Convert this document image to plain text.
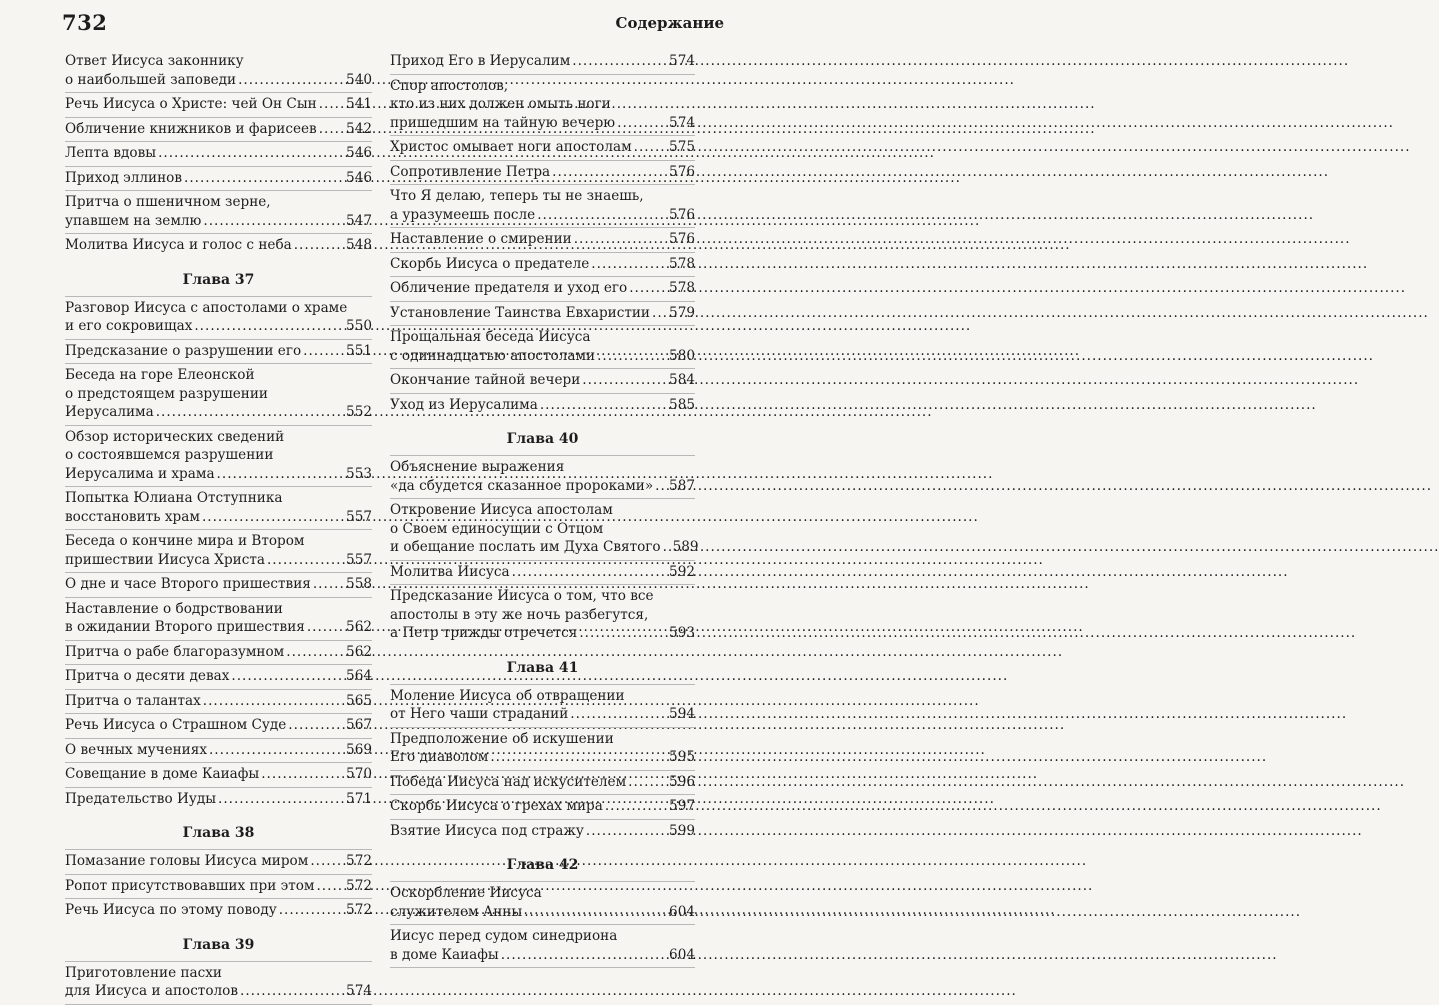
732	Содержание
Ответ Иисуса законнику
о наибольшей заповеди .....	540
Речь Иисуса о Христе: чей Он Сын ..... 541
Обличение книжников и фарисеев ..... 542
Лепта вдовы .....	546
Приход эллинов .....	546
Притча о пшеничном зерне,
упавшем на землю .....	547
Молитва Иисуса и голос с неба .....	548
Глава 37
Разговор Иисуса с апостолами о храме
и его сокровищах .....	550
Предсказание о разрушении его .....	551
Беседа на горе Елеонской
о предстоящем разрушении
Иерусалима .....	552
Обзор исторических сведений
о состоявшемся разрушении
Иерусалима и храма .....	553
Попытка Юлиана Отступника
восстановить храм .....	557
Беседа о кончине мира и Втором
пришествии Иисуса Христа .....	557
О дне и часе Второго пришествия .....	558
Наставление о бодрствовании
в ожидании Второго пришествия .....	562
Притча о рабе благоразумном .....	562
Притча о десяти девах .....	564
Притча о талантах .....	565
Речь Иисуса о Страшном Суде .....	567
О вечных мучениях .....	569
Совещание в доме Каиафы .....	570
Предательство Иуды .....	571
Глава 38
Помазание головы Иисуса миром .....	572
Ропот присутствовавших при этом ..... 572
Речь Иисуса по этому поводу .....	572
Глава 39
Приготовление пасхи
для Иисуса и апостолов .....	574
Приход Его в Иерусалим .....	574
Спор апостолов,
кто из них должен омыть ноги
пришедшим на тайную вечерю .....	574
Христос омывает ноги апостолам .....	575
Сопротивление Петра .....	576
Что Я делаю, теперь ты не знаешь,
а уразумеешь после .....	576
Наставление о смирении .....	576
Скорбь Иисуса о предателе .....	578
Обличение предателя и уход его .....	578
Установление Таинства Евхаристии ..... 579
Прощальная беседа Иисуса
с одиннадцатью апостолами .....	580
Окончание тайной вечери .....	584
Уход из Иерусалима .....	585
Глава 40
Объяснение выражения
«да сбудется сказанное пророками» ..... 587
Откровение Иисуса апостолам
о Своем единосущии с Отцом
и обещание послать им Духа Святого ..... 589
Молитва Иисуса .....	592
Предсказание Иисуса о том, что все
апостолы в эту же ночь разбегутся,
а Петр трижды отречется .....	593
Глава 41
Моление Иисуса об отвращении
от Него чаши страданий .....	594
Предположение об искушении
Его диаволом .....	595
Победа Иисуса над искусителем .....	596
Скорбь Иисуса о грехах мира .....	597
Взятие Иисуса под стражу .....	599
Глава 42
Оскорбление Иисуса
служителем Анны .....	604
Иисус перед судом синедриона
в доме Каиафы .....	604
